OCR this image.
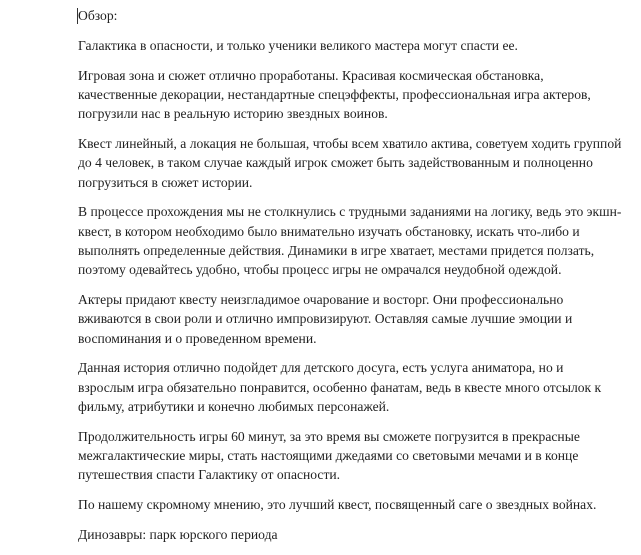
Обзор:

Галактика в опасности, и только ученики великого мастера могут спасти ее.

Игровая зона и сюжет отлично проработаны. Красивая космическая обстановка, качественные декорации, нестандартные спецэффекты, профессиональная игра актеров, погрузили нас в реальную историю звездных воинов.

Квест линейный, а локация не большая, чтобы всем хватило актива, советуем ходить группой до 4 человек, в таком случае каждый игрок сможет быть задействованным и полноценно погрузиться в сюжет истории.

В процессе прохождения мы не столкнулись с трудными заданиями на логику, ведь это экшн-квест, в котором необходимо было внимательно изучать обстановку, искать что-либо и выполнять определенные действия. Динамики в игре хватает, местами придется ползать, поэтому одевайтесь удобно, чтобы процесс игры не омрачался неудобной одеждой.

Актеры придают квесту неизгладимое очарование и восторг. Они профессионально вживаются в свои роли и отлично импровизируют. Оставляя самые лучшие эмоции и воспоминания и о проведенном времени.

Данная история отлично подойдет для детского досуга, есть услуга аниматора, но и взрослым игра обязательно понравится, особенно фанатам, ведь в квесте много отсылок к фильму, атрибутики и конечно любимых персонажей.

Продолжительность игры 60 минут, за это время вы сможете погрузится в прекрасные межгалактические миры, стать настоящими джедаями со световыми мечами и в конце путешествия спасти Галактику от опасности.

По нашему скромному мнению, это лучший квест, посвященный саге о звездных войнах.

Динозавры: парк юрского периода
